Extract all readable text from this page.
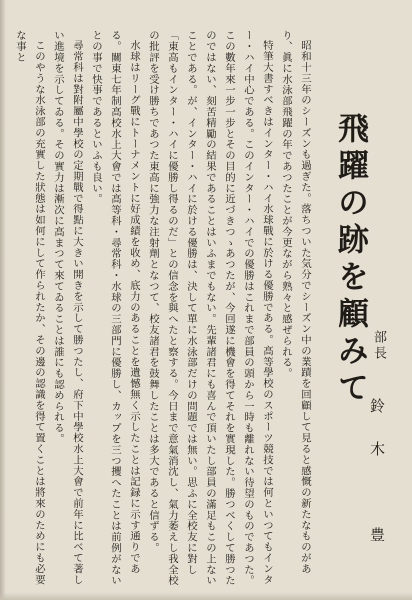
昭和十三年のシーズンも過ぎた。落ちついた気分でシーズン中の業蹟を回顧して見ると感慨の新たなものがあり、眞に水泳部飛躍の年であつたことが今更ながら熟々と感ぜられる。

特筆大書すべきはインター・ハイ水球戰に於ける優勝である。高等學校のスポーツ競技では何といつてもインター・ハイ中心である。このインター・ハイでの優勝はこれまで部員の頭から一時も離れない待望のものであつた。この數年來一步一步とその目的に近づきつゝあつたが、今回遂に機會を得てそれを實現した。勝つべくして勝つたのではない、刻苦精勵の結果であることはいふまでもない。先輩諸君にも喜んで頂いたし部員の滿足もこの上ないことである。が、インター・ハイに於ける優勝は、決して單に水泳部だけの問題では無い。思ふに全校友に對し「東高もインター・ハイに優勝し得るのだ」との信念を與へたと察する。今日まで意氣消沈し、氣力萎えし我全校の批評を受け勝ちであつた東高に強力な注射劑となつて、校友諸君を鼓舞したことは多大であると信ずる。

水球はリーグ戰にトーナメントに好成績を收め、底力のあることを遺憾無く示したことは記録に示す通りである。關東七年制高校水上大會では高等科・尋常科・水球の三部門に優勝し、カップを三つ攫へたことは前例がないとの事で快事であるといふも良い。

尋常科は對附屬中學校の定期戰で得點に大きい開きを示して勝つたし、府下中學校水上大會で前年に比べて著しい進境を示してゐる。その實力は漸次に高まつて來てゐることは誰にも認められる。

このやうな水泳部の充實した狀態は如何にして作られたか、その邊の認識を得て置くことは將來のためにも必要な事と

飛躍の跡を顧みて 部長
鈴木　豊
